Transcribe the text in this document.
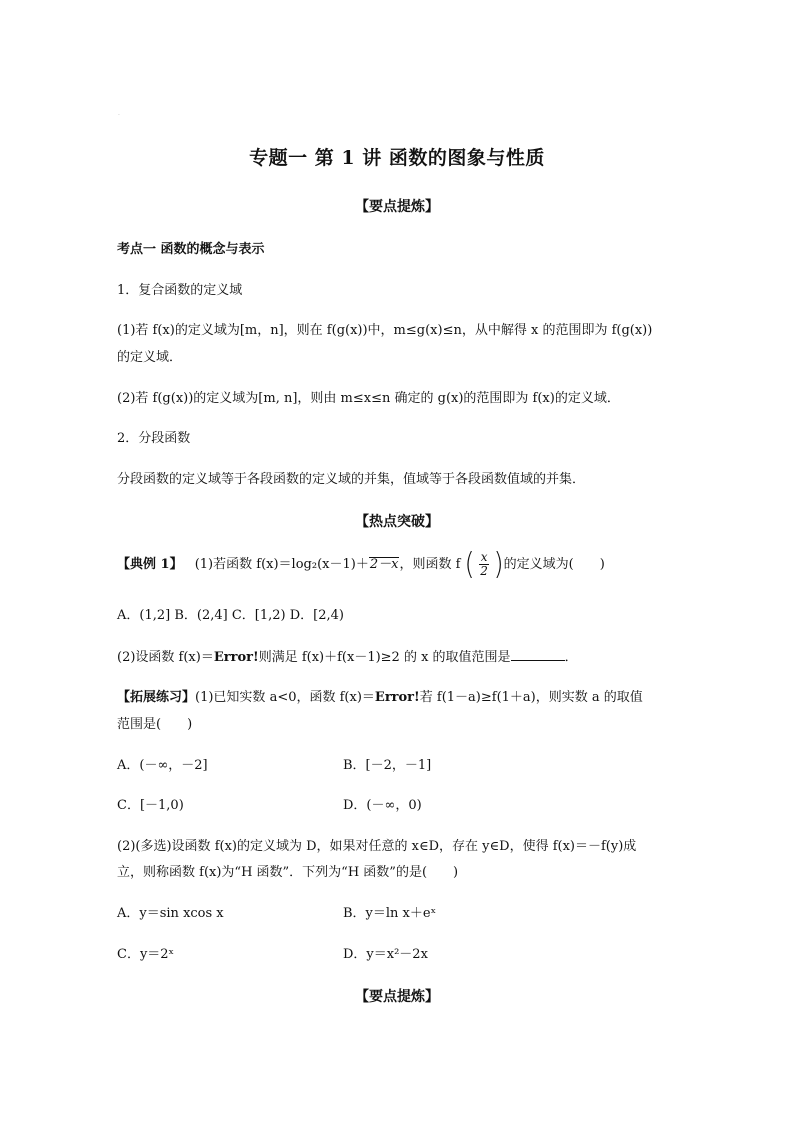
·
专题一 第 1 讲 函数的图象与性质
【要点提炼】
考点一 函数的概念与表示
1．复合函数的定义域
(1)若 f(x)的定义域为[m，n]，则在 f(g(x))中，m≤g(x)≤n，从中解得 x 的范围即为 f(g(x))
的定义域．
(2)若 f(g(x))的定义域为[m, n]，则由 m≤x≤n 确定的 g(x)的范围即为 f(x)的定义域．
2．分段函数
分段函数的定义域等于各段函数的定义域的并集，值域等于各段函数值域的并集．
【热点突破】
【典例 1】 (1)若函数 f(x)＝log₂(x－1)＋2－x，则函数 f ( $\frac{x}{2}$ )的定义域为(　　)
A．(1,2] B．(2,4] C．[1,2) D．[2,4)
(2)设函数 f(x)＝Error!则满足 f(x)＋f(x－1)≥2 的 x 的取值范围是	．
【拓展练习】(1)已知实数 a<0，函数 f(x)＝Error!若 f(1－a)≥f(1＋a)，则实数 a 的取值
范围是(　　)
A．(－∞，－2]	B．[－2，－1]
C．[－1,0)	D．(－∞，0)
(2)(多选)设函数 f(x)的定义域为 D，如果对任意的 x∈D，存在 y∈D，使得 f(x)＝－f(y)成
立，则称函数 f(x)为“H 函数”．下列为“H 函数”的是(　　)
A．y＝sin xcos x	B．y＝ln x＋eˣ
C．y＝2ˣ	D．y＝x²－2x
【要点提炼】
